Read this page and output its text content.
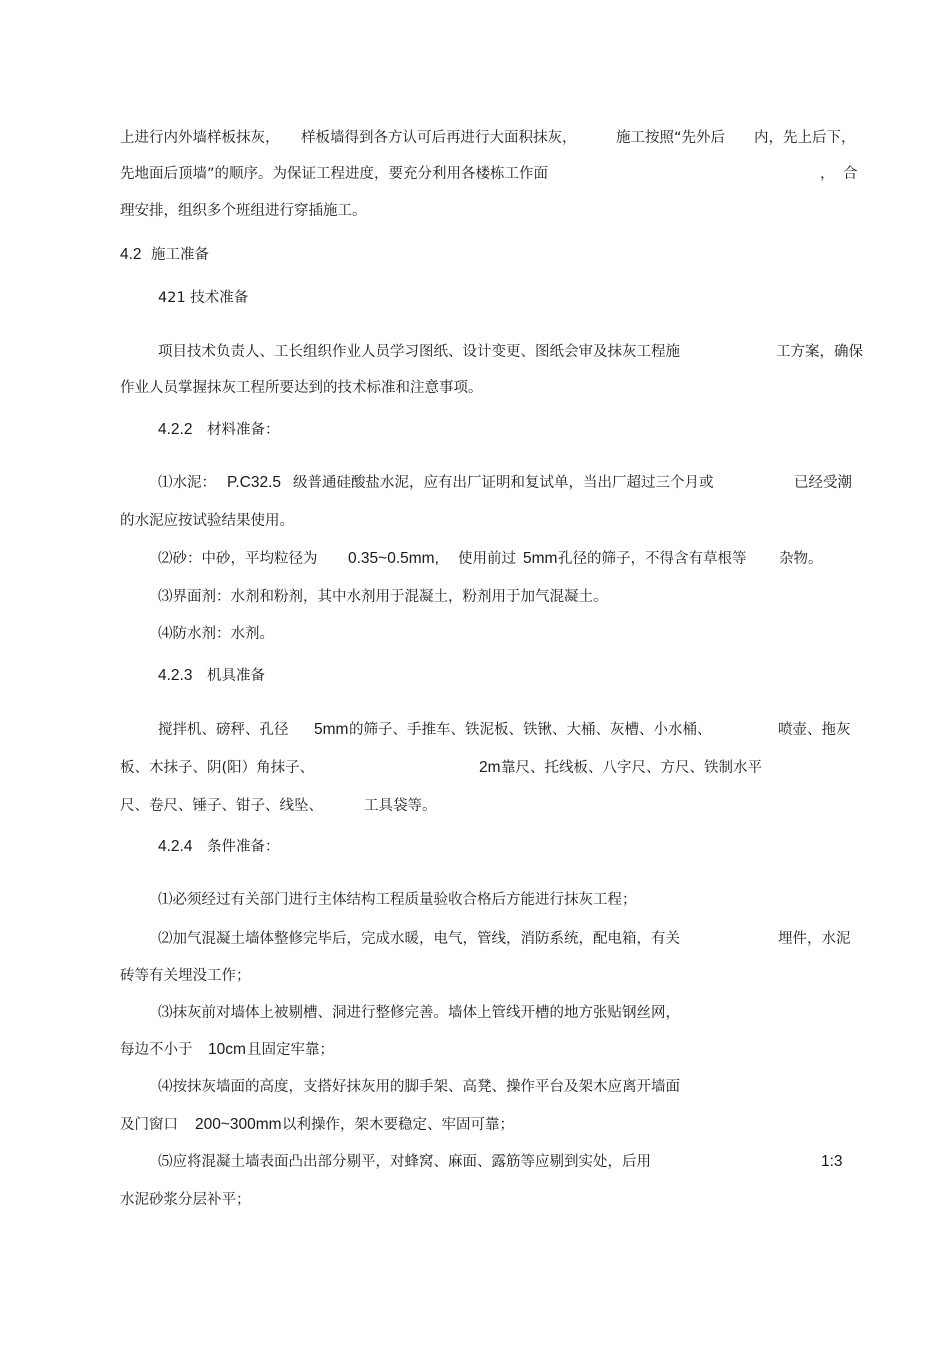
上进行内外墙样板抹灰， 样板墙得到各方认可后再进行大面积抹灰，	施工按照“先外后 内，先上后下，
先地面后顶墙”的顺序。为保证工程进度，要充分利用各楼栋工作面	， 合
理安排，组织多个班组进行穿插施工。
4.2 施工准备
421 技术准备
项目技术负责人、工长组织作业人员学习图纸、设计变更、图纸会审及抹灰工程施	工方案，确保
作业人员掌握抹灰工程所要达到的技术标准和注意事项。
4.2.2 材料准备：
⑴水泥： P.C32.5 级普通硅酸盐水泥，应有出厂证明和复试单，当出厂超过三个月或	已经受潮
的水泥应按试验结果使用。
⑵砂：中砂，平均粒径为 0.35~0.5mm, 使用前过 5mm 孔径的筛子，不得含有草根等 杂物。
⑶界面剂：水剂和粉剂，其中水剂用于混凝土，粉剂用于加气混凝土。
⑷防水剂：水剂。
4.2.3 机具准备
搅拌机、磅秤、孔径 5mm 的筛子、手推车、铁泥板、铁锹、大桶、灰槽、小水桶、	喷壶、拖灰
板、木抹子、阴(阳）角抹子、	2m 靠尺、托线板、八字尺、方尺、铁制水平
尺、卷尺、锤子、钳子、线坠、	工具袋等。
4.2.4 条件准备：
⑴必须经过有关部门进行主体结构工程质量验收合格后方能进行抹灰工程；
⑵加气混凝土墙体整修完毕后，完成水暖，电气，管线，消防系统，配电箱，有关	埋件，水泥
砖等有关埋没工作；
⑶抹灰前对墙体上被剔槽、洞进行整修完善。墙体上管线开槽的地方张贴钢丝网，
每边不小于 10cm 且固定牢靠；
⑷按抹灰墙面的高度，支搭好抹灰用的脚手架、高凳、操作平台及架木应离开墙面
及门窗口 200~300mm 以利操作，架木要稳定、牢固可靠；
⑸应将混凝土墙表面凸出部分剔平，对蜂窝、麻面、露筋等应剔到实处，后用	1:3
水泥砂浆分层补平；
